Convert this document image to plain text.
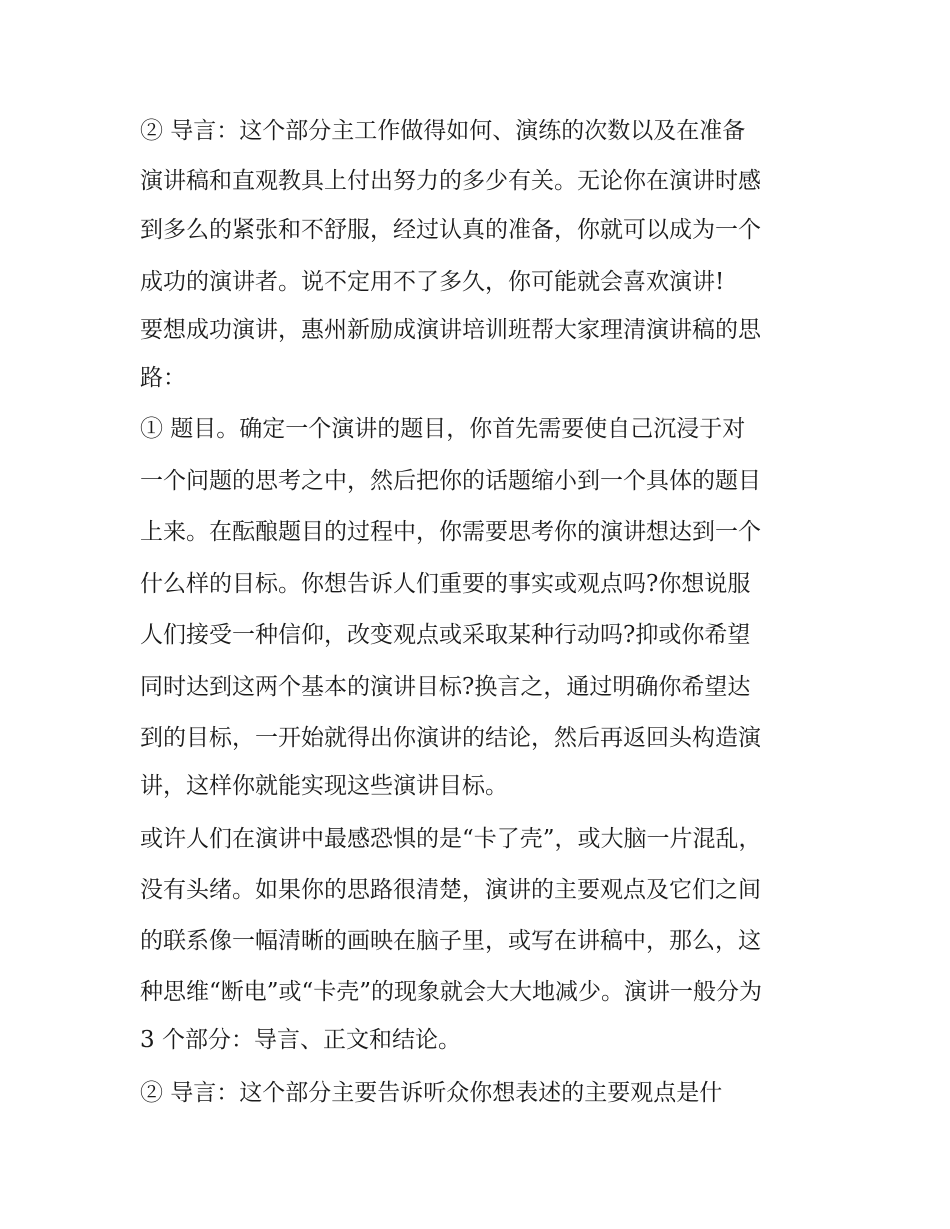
② 导言：这个部分主工作做得如何、演练的次数以及在准备
演讲稿和直观教具上付出努力的多少有关。无论你在演讲时感
到多么的紧张和不舒服，经过认真的准备，你就可以成为一个
成功的演讲者。说不定用不了多久，你可能就会喜欢演讲!
要想成功演讲，惠州新励成演讲培训班帮大家理清演讲稿的思
路：
① 题目。确定一个演讲的题目，你首先需要使自己沉浸于对
一个问题的思考之中，然后把你的话题缩小到一个具体的题目
上来。在酝酿题目的过程中，你需要思考你的演讲想达到一个
什么样的目标。你想告诉人们重要的事实或观点吗?你想说服
人们接受一种信仰，改变观点或采取某种行动吗?抑或你希望
同时达到这两个基本的演讲目标?换言之，通过明确你希望达
到的目标，一开始就得出你演讲的结论，然后再返回头构造演
讲，这样你就能实现这些演讲目标。
或许人们在演讲中最感恐惧的是“卡了壳”，或大脑一片混乱，
没有头绪。如果你的思路很清楚，演讲的主要观点及它们之间
的联系像一幅清晰的画映在脑子里，或写在讲稿中，那么，这
种思维“断电”或“卡壳”的现象就会大大地减少。演讲一般分为
3 个部分：导言、正文和结论。
② 导言：这个部分主要告诉听众你想表述的主要观点是什
